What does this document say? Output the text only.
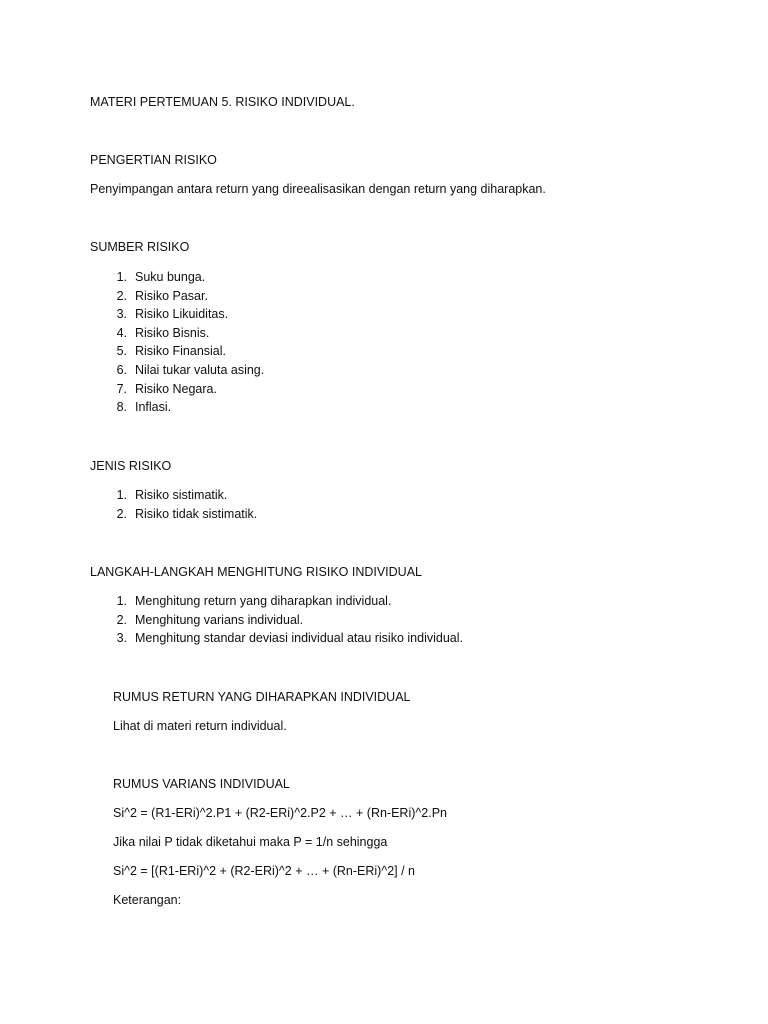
MATERI PERTEMUAN 5. RISIKO INDIVIDUAL.
PENGERTIAN RISIKO
Penyimpangan antara return yang direealisasikan dengan return yang diharapkan.
SUMBER RISIKO
1. Suku bunga.
2. Risiko Pasar.
3. Risiko Likuiditas.
4. Risiko Bisnis.
5. Risiko Finansial.
6. Nilai tukar valuta asing.
7. Risiko Negara.
8. Inflasi.
JENIS RISIKO
1. Risiko sistimatik.
2. Risiko tidak sistimatik.
LANGKAH-LANGKAH MENGHITUNG RISIKO INDIVIDUAL
1. Menghitung return yang diharapkan individual.
2. Menghitung varians individual.
3. Menghitung standar deviasi individual atau risiko individual.
RUMUS RETURN YANG DIHARAPKAN INDIVIDUAL
Lihat di materi return individual.
RUMUS VARIANS INDIVIDUAL
Si^2 = (R1-ERi)^2.P1 + (R2-ERi)^2.P2 + … + (Rn-ERi)^2.Pn
Jika nilai P tidak diketahui maka P = 1/n sehingga
Si^2 = [(R1-ERi)^2 + (R2-ERi)^2 + … + (Rn-ERi)^2] / n
Keterangan:
